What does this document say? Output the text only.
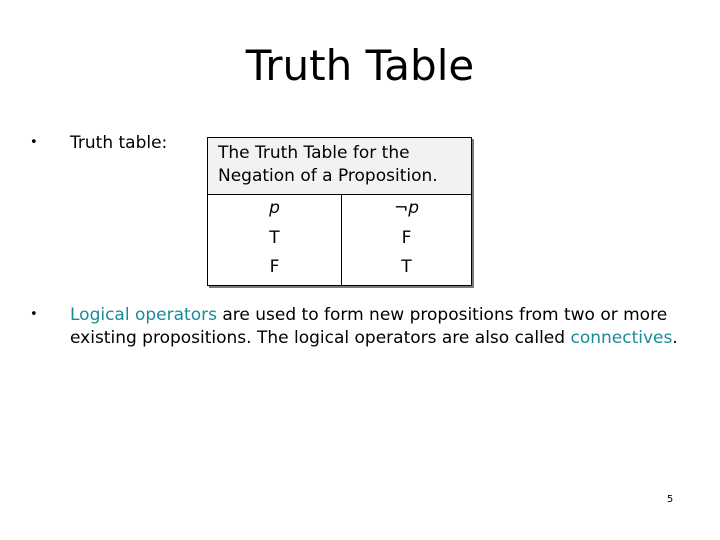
Truth Table
• Truth table:	The Truth Table for the
Negation of a Proposition.
p	¬p
T	F
F	T
• Logical operators are used to form new propositions from two or more existing propositions. The logical operators are also called connectives.
5
